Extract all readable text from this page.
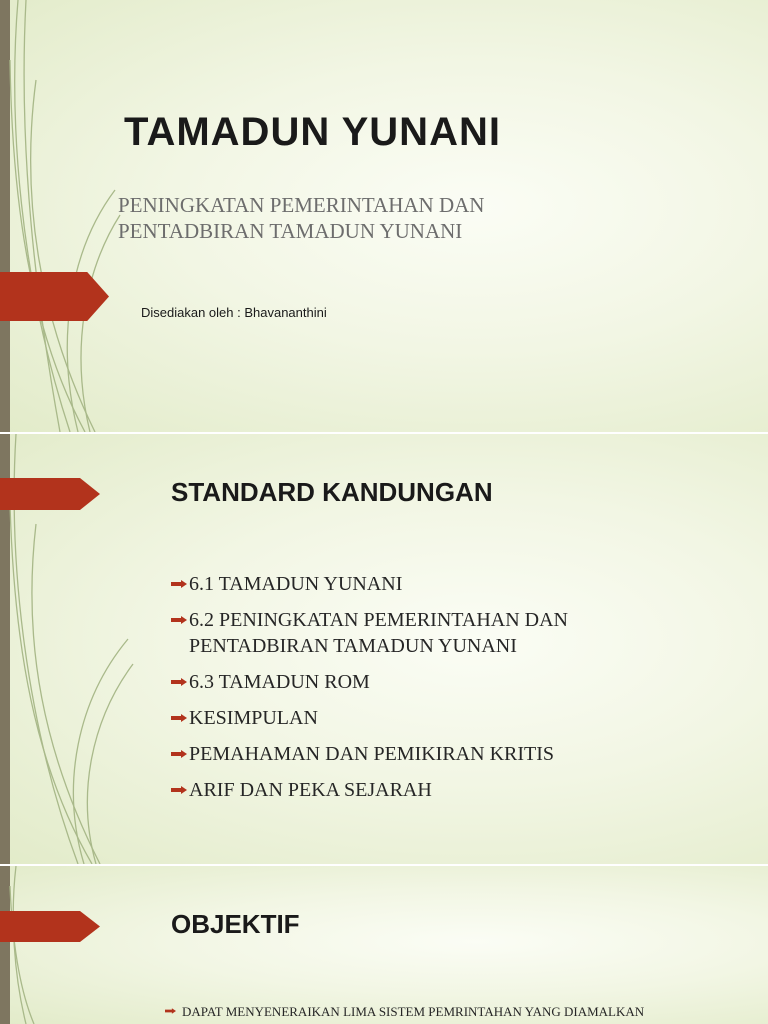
TAMADUN YUNANI
PENINGKATAN PEMERINTAHAN DAN
PENTADBIRAN TAMADUN YUNANI

Disediakan oleh : Bhavananthini

STANDARD KANDUNGAN
6.1 TAMADUN YUNANI
6.2 PENINGKATAN PEMERINTAHAN DAN PENTADBIRAN TAMADUN YUNANI
6.3 TAMADUN ROM
KESIMPULAN
PEMAHAMAN DAN PEMIKIRAN KRITIS
ARIF DAN PEKA SEJARAH
OBJEKTIF
DAPAT MENYENERAIKAN LIMA SISTEM PEMRINTAHAN YANG DIAMALKAN
